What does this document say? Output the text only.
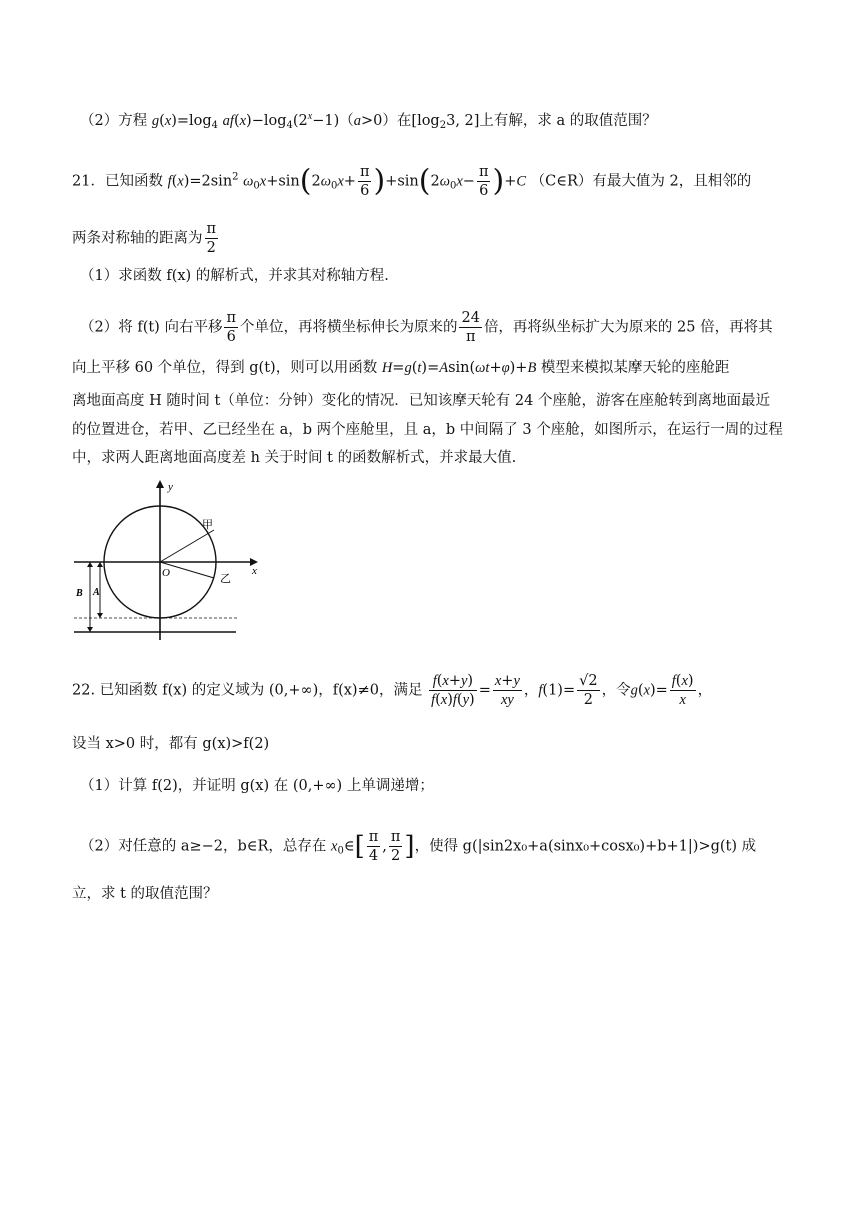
（2）方程 $g(x)=\log_4$ $af(x)-\log_4(2^x-1)(a>0)$在[$\log_23$, 2]上有解，求 a 的取值范围？
21．已知函数 $f(x)=2\sin^2$ $\omega_0x+\sin(2\omega_0x+ \frac{\pi}{6} )+\sin(2\omega_0x- \frac{\pi}{6} )+C$ （C∈R）有最大值为 2，且相邻的
两条对称轴的距离为 $\frac{\pi}{2}$
（1）求函数 f(x) 的解析式，并求其对称轴方程.
（2）将 f(t) 向右平移 $\frac{\pi}{6}$ 个单位，再将横坐标伸长为原来的 $\frac{24}{\pi}$ 倍，再将纵坐标扩大为原来的 25 倍，再将其
向上平移 60 个单位，得到 g(t)，则可以用函数 H=g(t)=Asin(ωt+φ)+B 模型来模拟某摩天轮的座舱距
离地面高度 H 随时间 t（单位：分钟）变化的情况．已知该摩天轮有 24 个座舱，游客在座舱转到离地面最近
的位置进仓，若甲、乙已经坐在 a，b 两个座舱里，且 a，b 中间隔了 3 个座舱，如图所示，在运行一周的过程
中，求两人距离地面高度差 h 关于时间 t 的函数解析式，并求最大值.
y
x
甲
乙
O
B A
22. 已知函数 f(x) 的定义域为 (0,+∞)，f(x)≠0，满足 $\frac{f(x+y)}{f(x)f(y)} = \frac{x+y}{xy}$ ，$f(1)= \frac{√2}{2}$ ，令$g(x)= \frac{f(x)}{x}$ ，
设当 x>0 时，都有 g(x)>f(2)
（1）计算 f(2)，并证明 g(x) 在 (0,+∞) 上单调递增；
（2）对任意的 a≥−2，b∈R，总存在 $x_0\in[ \frac{\pi}{4}$ , $\frac{\pi}{2}$ ]，使得 g(|sin2x₀+a(sinx₀+cosx₀)+b+1|)>g(t) 成
立，求 t 的取值范围？
